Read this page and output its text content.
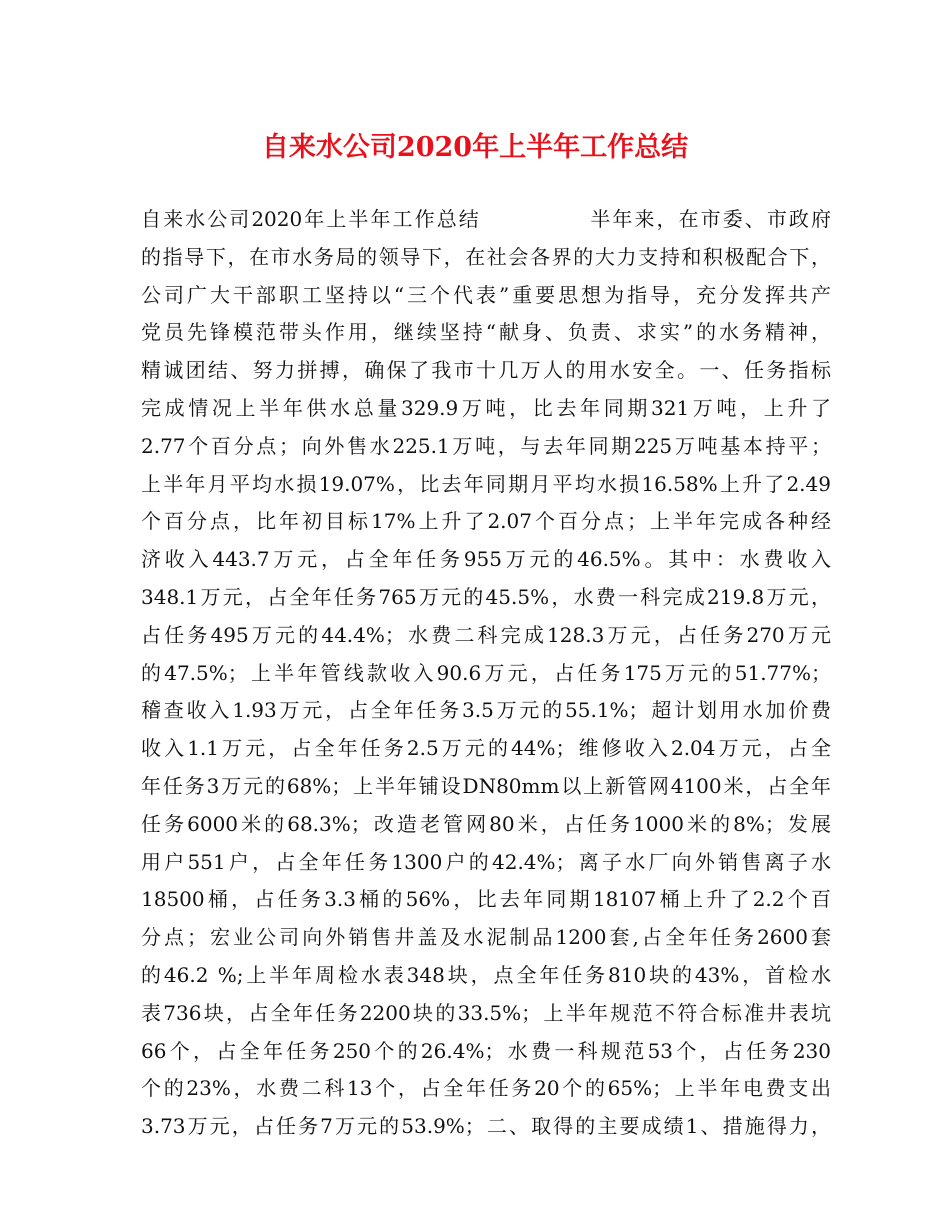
自来水公司2020年上半年工作总结
自来水公司2020年上半年工作总结             半年来，在市委、市政府
的指导下，在市水务局的领导下，在社会各界的大力支持和积极配合下，
公司广大干部职工坚持以“三个代表”重要思想为指导，充分发挥共产
党员先锋模范带头作用，继续坚持“献身、负责、求实”的水务精神，
精诚团结、努力拼搏，确保了我市十几万人的用水安全。一、任务指标
完成情况上半年供水总量329.9万吨，比去年同期321万吨，上升了
2.77个百分点；向外售水225.1万吨，与去年同期225万吨基本持平；
上半年月平均水损19.07%，比去年同期月平均水损16.58%上升了2.49
个百分点，比年初目标17%上升了2.07个百分点；上半年完成各种经
济收入443.7万元，占全年任务955万元的46.5%。其中：水费收入
348.1万元，占全年任务765万元的45.5%，水费一科完成219.8万元，
占任务495万元的44.4%；水费二科完成128.3万元，占任务270万元
的47.5%；上半年管线款收入90.6万元，占任务175万元的51.77%；
稽查收入1.93万元，占全年任务3.5万元的55.1%；超计划用水加价费
收入1.1万元，占全年任务2.5万元的44%；维修收入2.04万元，占全
年任务3万元的68%；上半年铺设DN80mm以上新管网4100米，占全年
任务6000米的68.3%；改造老管网80米，占任务1000米的8%；发展
用户551户，占全年任务1300户的42.4%；离子水厂向外销售离子水
18500桶，占任务3.3桶的56%，比去年同期18107桶上升了2.2个百
分点；宏业公司向外销售井盖及水泥制品1200套,占全年任务2600套
的46.2 %;上半年周检水表348块，点全年任务810块的43%，首检水
表736块，占全年任务2200块的33.5%；上半年规范不符合标准井表坑
66个，占全年任务250个的26.4%；水费一科规范53个，占任务230
个的23%，水费二科13个，占全年任务20个的65%；上半年电费支出
3.73万元，占任务7万元的53.9%；二、取得的主要成绩1、措施得力，
